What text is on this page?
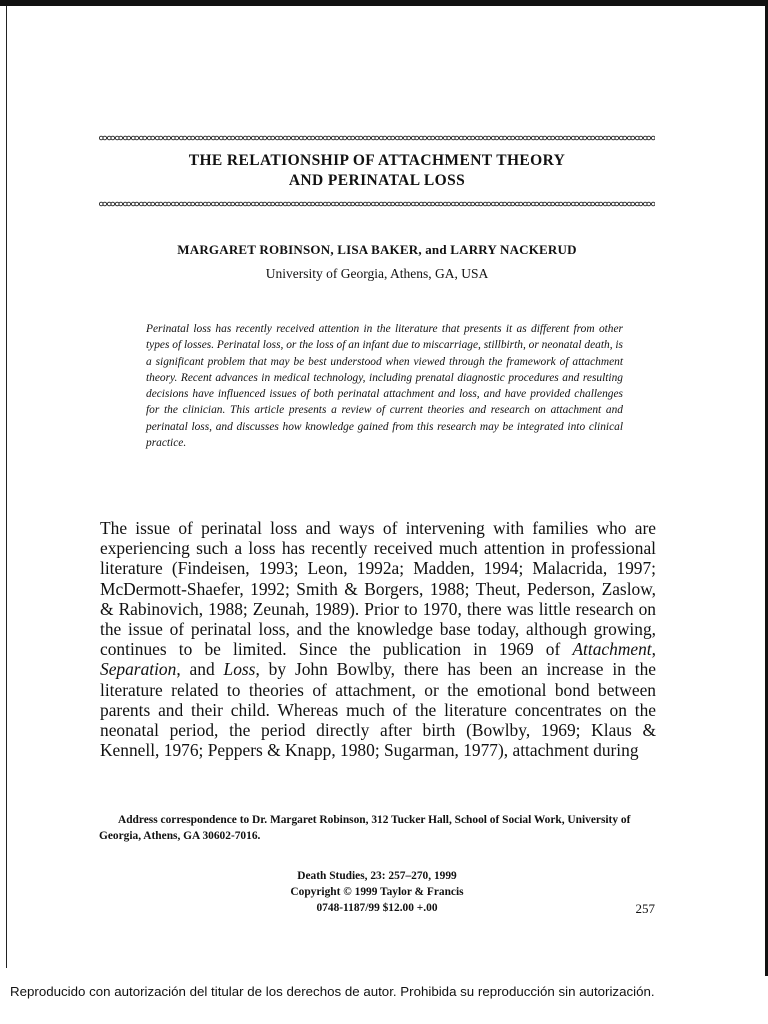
THE RELATIONSHIP OF ATTACHMENT THEORY
AND PERINATAL LOSS
MARGARET ROBINSON, LISA BAKER, and LARRY NACKERUD
University of Georgia, Athens, GA, USA

Perinatal loss has recently received attention in the literature that presents it as different from other types of losses. Perinatal loss, or the loss of an infant due to miscarriage, stillbirth, or neonatal death, is a significant problem that may be best understood when viewed through the framework of attachment theory. Recent advances in medical technology, including prenatal diagnostic procedures and resulting decisions have influenced issues of both perinatal attachment and loss, and have provided challenges for the clinician. This article presents a review of current theories and research on attachment and perinatal loss, and discusses how knowledge gained from this research may be integrated into clinical practice.

The issue of perinatal loss and ways of intervening with families who are experiencing such a loss has recently received much attention in professional literature (Findeisen, 1993; Leon, 1992a; Madden, 1994; Malacrida, 1997; McDermott-Shaefer, 1992; Smith & Borgers, 1988; Theut, Pederson, Zaslow, & Rabinovich, 1988; Zeunah, 1989). Prior to 1970, there was little research on the issue of perinatal loss, and the knowledge base today, although growing, continues to be limited. Since the publication in 1969 of Attachment, Separation, and Loss, by John Bowlby, there has been an increase in the literature related to theories of attachment, or the emotional bond between parents and their child. Whereas much of the literature concentrates on the neonatal period, the period directly after birth (Bowlby, 1969; Klaus & Kennell, 1976; Peppers & Knapp, 1980; Sugarman, 1977), attachment during

Address correspondence to Dr. Margaret Robinson, 312 Tucker Hall, School of Social Work, University of Georgia, Athens, GA 30602-7016.

Death Studies, 23: 257–270, 1999
Copyright © 1999 Taylor & Francis
0748-1187/99 $12.00 +.00	257
Reproducido con autorización del titular de los derechos de autor. Prohibida su reproducción sin autorización.
